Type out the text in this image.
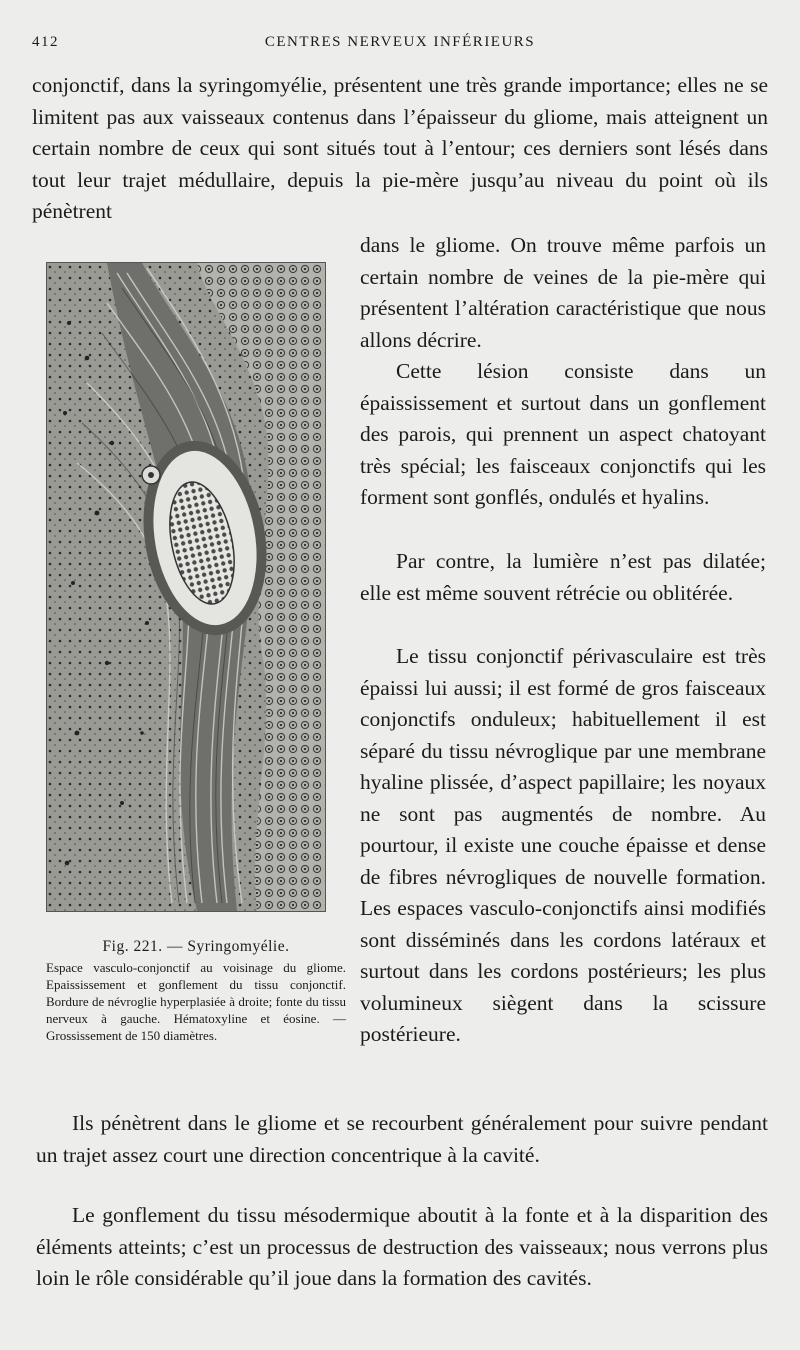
412	CENTRES NERVEUX INFÉRIEURS

conjonctif, dans la syringomyélie, présentent une très grande importance; elles ne se limitent pas aux vaisseaux contenus dans l’épaisseur du gliome, mais atteignent un certain nombre de ceux qui sont situés tout à l’entour; ces derniers sont lésés dans tout leur trajet médullaire, depuis la pie-mère jusqu’au niveau du point où ils pénètrent

dans le gliome. On trouve même parfois un certain nombre de veines de la pie-mère qui présentent l’altération caractéristique que nous allons décrire.

Cette lésion consiste dans un épaississement et surtout dans un gonflement des parois, qui prennent un aspect chatoyant très spécial; les faisceaux conjonctifs qui les forment sont gonflés, ondulés et hyalins.

Par contre, la lumière n’est pas dilatée; elle est même souvent rétrécie ou oblitérée.

Le tissu conjonctif périvasculaire est très épaissi lui aussi; il est formé de gros faisceaux conjonctifs onduleux; habituellement il est séparé du tissu névroglique par une membrane hyaline plissée, d’aspect papillaire; les noyaux ne sont pas augmentés de nombre. Au pourtour, il existe une couche épaisse et dense de fibres névrogliques de nouvelle formation. Les espaces vasculo-conjonctifs ainsi modifiés sont disséminés dans les cordons latéraux et surtout dans les cordons postérieurs; les plus volumineux siègent dans la scissure postérieure.

Fig. 221. — Syringomyélie.
Espace vasculo-conjonctif au voisinage du gliome. Epaississement et gonflement du tissu conjonctif. Bordure de névroglie hyperplasiée à droite; fonte du tissu nerveux à gauche. Hématoxyline et éosine. — Grossissement de 150 diamètres.

Ils pénètrent dans le gliome et se recourbent généralement pour suivre pendant un trajet assez court une direction concentrique à la cavité.

Le gonflement du tissu mésodermique aboutit à la fonte et à la disparition des éléments atteints; c’est un processus de destruction des vaisseaux; nous verrons plus loin le rôle considérable qu’il joue dans la formation des cavités.
